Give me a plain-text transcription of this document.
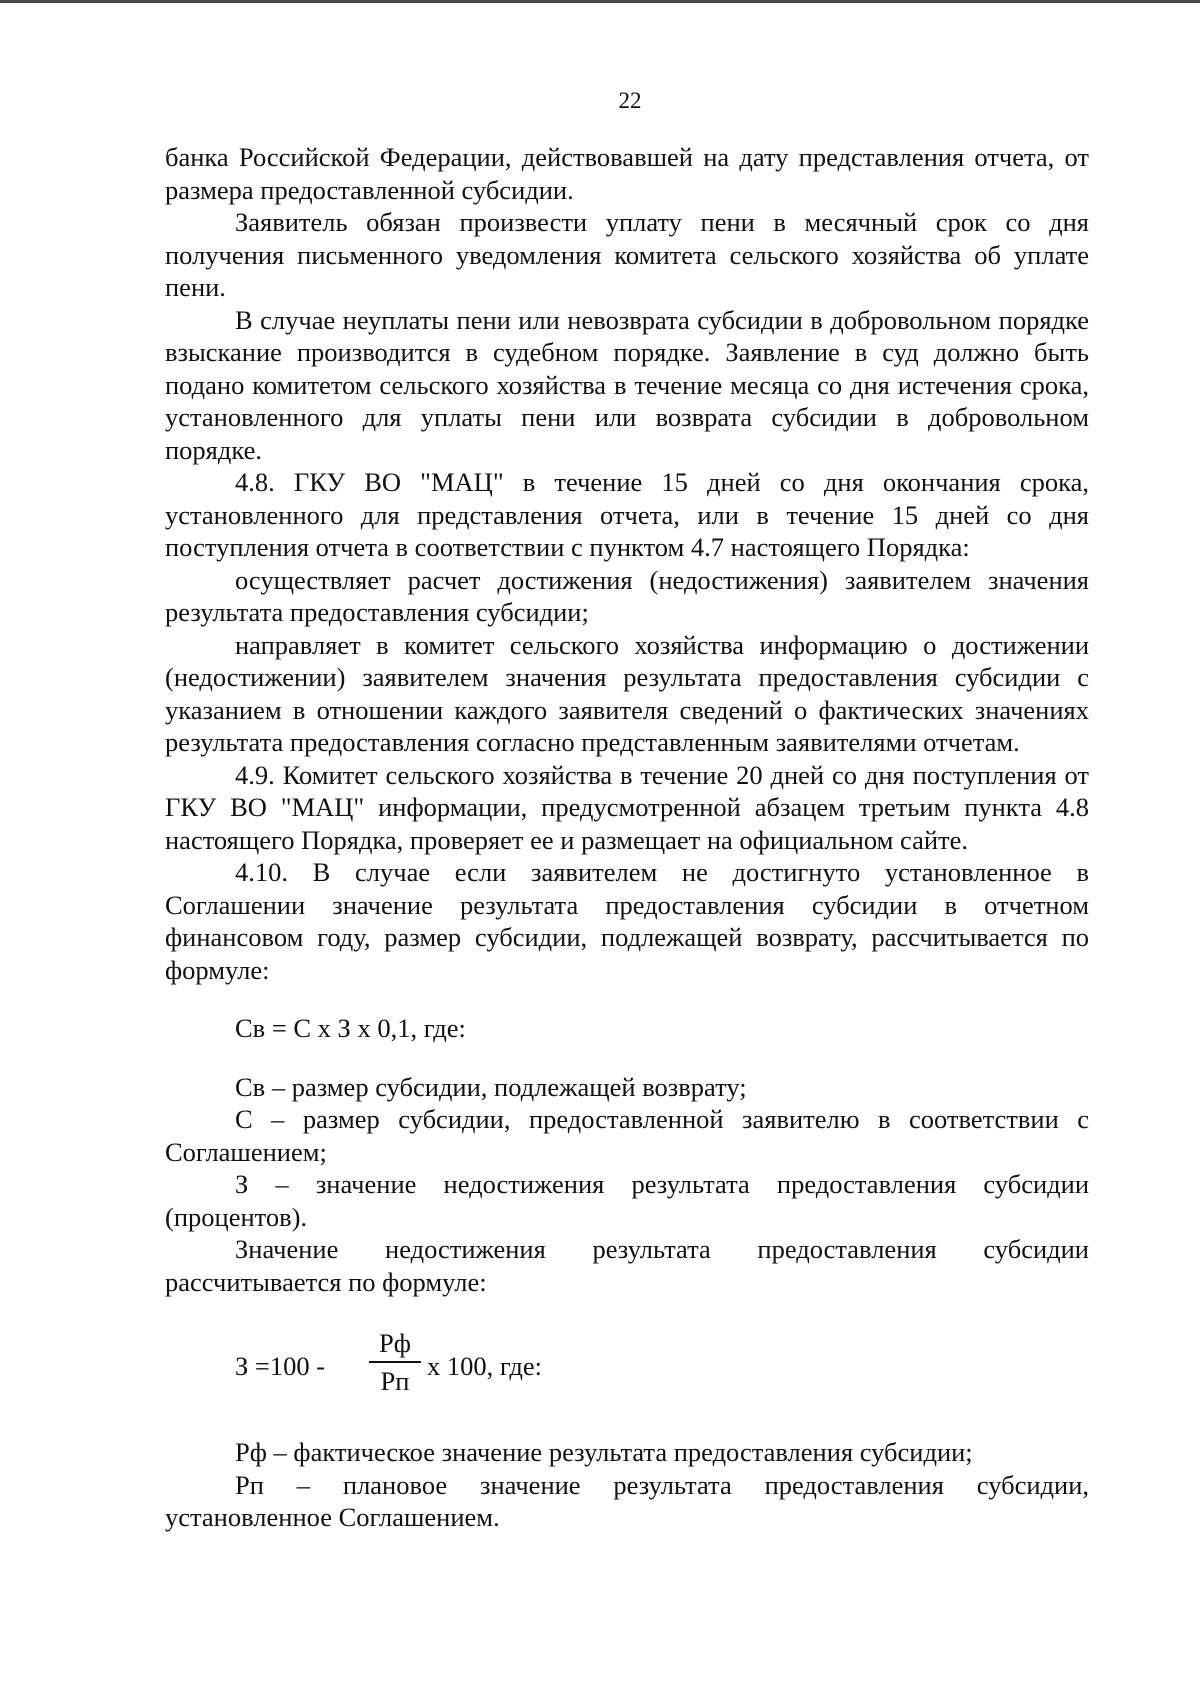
22

банка Российской Федерации, действовавшей на дату представления отчета, от размера предоставленной субсидии.

Заявитель обязан произвести уплату пени в месячный срок со дня получения письменного уведомления комитета сельского хозяйства об уплате пени.

В случае неуплаты пени или невозврата субсидии в добровольном порядке взыскание производится в судебном порядке. Заявление в суд должно быть подано комитетом сельского хозяйства в течение месяца со дня истечения срока, установленного для уплаты пени или возврата субсидии в добровольном порядке.

4.8. ГКУ ВО "МАЦ" в течение 15 дней со дня окончания срока, установленного для представления отчета, или в течение 15 дней со дня поступления отчета в соответствии с пунктом 4.7 настоящего Порядка:

осуществляет расчет достижения (недостижения) заявителем значения результата предоставления субсидии;

направляет в комитет сельского хозяйства информацию о достижении (недостижении) заявителем значения результата предоставления субсидии с указанием в отношении каждого заявителя сведений о фактических значениях результата предоставления согласно представленным заявителями отчетам.

4.9. Комитет сельского хозяйства в течение 20 дней со дня поступления от ГКУ ВО "МАЦ" информации, предусмотренной абзацем третьим пункта 4.8 настоящего Порядка, проверяет ее и размещает на официальном сайте.

4.10. В случае если заявителем не достигнуто установленное в Соглашении значение результата предоставления субсидии в отчетном финансовом году, размер субсидии, подлежащей возврату, рассчитывается по формуле:

Св = С х З х 0,1, где:

Св – размер субсидии, подлежащей возврату;

С – размер субсидии, предоставленной заявителю в соответствии с Соглашением;

З – значение недостижения результата предоставления субсидии (процентов).

Значение недостижения результата предоставления субсидии рассчитывается по формуле:

З =100 -
Рф
Рп х 100, где:

Рф – фактическое значение результата предоставления субсидии;

Рп – плановое значение результата предоставления субсидии, установленное Соглашением.
